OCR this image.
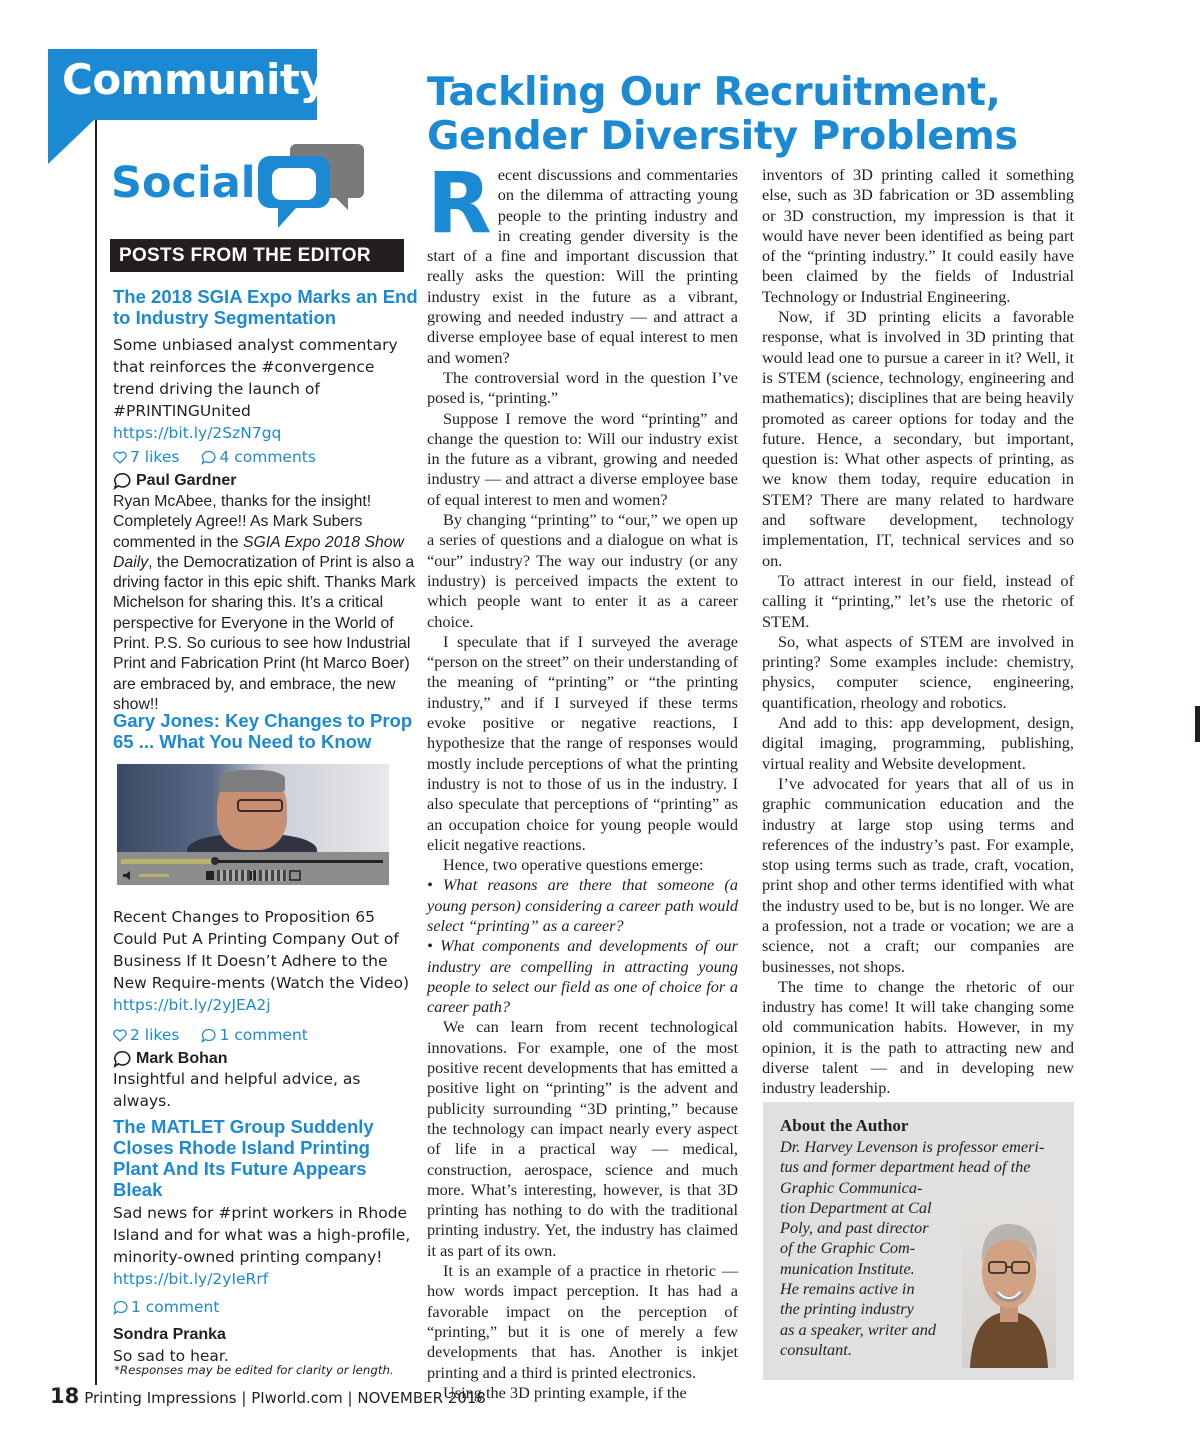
Community
Social
POSTS FROM THE EDITOR

The 2018 SGIA Expo Marks an End to Industry Segmentation

Some unbiased analyst commentary that reinforces the #convergence trend driving the launch of #PRINTINGUnited

https://bit.ly/2SzN7gq
7 likes	4 comments
Paul Gardner

Ryan McAbee, thanks for the insight! Completely Agree!! As Mark Subers commented in the SGIA Expo 2018 Show Daily, the Democratization of Print is also a driving factor in this epic shift. Thanks Mark Michelson for sharing this. It’s a critical perspective for Everyone in the World of Print. P.S. So curious to see how Industrial Print and Fabrication Print (ht Marco Boer) are embraced by, and embrace, the new show!!

Gary Jones: Key Changes to Prop 65 ... What You Need to Know

Recent Changes to Proposition 65 Could Put A Printing Company Out of Business If It Doesn’t Adhere to the New Require-ments (Watch the Video)

https://bit.ly/2yJEA2j
2 likes	1 comment
Mark Bohan

Insightful and helpful advice, as always.

The MATLET Group Suddenly Closes Rhode Island Printing Plant And Its Future Appears Bleak

Sad news for #print workers in Rhode Island and for what was a high-profile, minority-owned printing company!

https://bit.ly/2yIeRrf
1 comment
Sondra Pranka

So sad to hear.

*Responses may be edited for clarity or length.
Tackling Our Recruitment,
Gender Diversity Problems
R ecent discussions and commentaries on the dilemma of attracting young people to the printing industry and in creating gender diversity is the start of a fine and important discussion that really asks the question: Will the printing industry exist in the future as a vibrant, growing and needed industry — and attract a diverse employee base of equal interest to men and women?

The controversial word in the question I’ve posed is, “printing.”

Suppose I remove the word “printing” and change the question to: Will our industry exist in the future as a vibrant, growing and needed industry — and attract a diverse employee base of equal interest to men and women?

By changing “printing” to “our,” we open up a series of questions and a dialogue on what is “our” industry? The way our industry (or any industry) is perceived impacts the extent to which people want to enter it as a career choice.

I speculate that if I surveyed the average “person on the street” on their understanding of the meaning of “printing” or “the printing industry,” and if I surveyed if these terms evoke positive or negative reactions, I hypothesize that the range of responses would mostly include perceptions of what the printing industry is not to those of us in the industry. I also speculate that perceptions of “printing” as an occupation choice for young people would elicit negative reactions.

Hence, two operative questions emerge:

• What reasons are there that someone (a young person) considering a career path would select “printing” as a career?

• What components and developments of our industry are compelling in attracting young people to select our field as one of choice for a career path?

We can learn from recent technological innovations. For example, one of the most positive recent developments that has emitted a positive light on “printing” is the advent and publicity surrounding “3D printing,” because the technology can impact nearly every aspect of life in a practical way — medical, construction, aerospace, science and much more. What’s interesting, however, is that 3D printing has nothing to do with the traditional printing industry. Yet, the industry has claimed it as part of its own.

It is an example of a practice in rhetoric — how words impact perception. It has had a favorable impact on the perception of “printing,” but it is one of merely a few developments that has. Another is inkjet printing and a third is printed electronics.

Using the 3D printing example, if the

inventors of 3D printing called it something else, such as 3D fabrication or 3D assembling or 3D construction, my impression is that it would have never been identified as being part of the “printing industry.” It could easily have been claimed by the fields of Industrial Technology or Industrial Engineering.

Now, if 3D printing elicits a favorable response, what is involved in 3D printing that would lead one to pursue a career in it? Well, it is STEM (science, technology, engineering and mathematics); disciplines that are being heavily promoted as career options for today and the future. Hence, a secondary, but important, question is: What other aspects of printing, as we know them today, require education in STEM? There are many related to hardware and software development, technology implementation, IT, technical services and so on.

To attract interest in our field, instead of calling it “printing,” let’s use the rhetoric of STEM.

So, what aspects of STEM are involved in printing? Some examples include: chemistry, physics, computer science, engineering, quantification, rheology and robotics.

And add to this: app development, design, digital imaging, programming, publishing, virtual reality and Website development.

I’ve advocated for years that all of us in graphic communication education and the industry at large stop using terms and references of the industry’s past. For example, stop using terms such as trade, craft, vocation, print shop and other terms identified with what the industry used to be, but is no longer. We are a profession, not a trade or vocation; we are a science, not a craft; our companies are businesses, not shops.

The time to change the rhetoric of our industry has come! It will take changing some old communication habits. However, in my opinion, it is the path to attracting new and diverse talent — and in developing new industry leadership.

About the Author
Dr. Harvey Levenson is professor emeri-
tus and former department head of the
Graphic Communica-
tion Department at Cal
Poly, and past director
of the Graphic Com-
munication Institute.
He remains active in
the printing industry
as a speaker, writer and
consultant.
18 Printing Impressions | PIworld.com | NOVEMBER 2018
